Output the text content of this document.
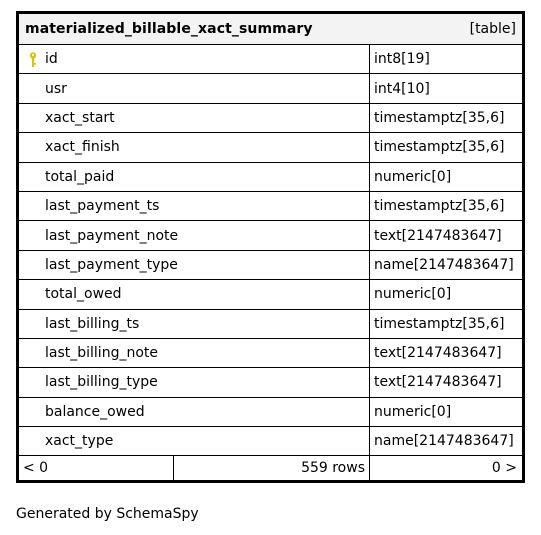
materialized_billable_xact_summary	[table]
id	int8[19]
usr	int4[10]
xact_start	timestamptz[35,6]
xact_finish	timestamptz[35,6]
total_paid	numeric[0]
last_payment_ts	timestamptz[35,6]
last_payment_note	text[2147483647]
last_payment_type	name[2147483647]
total_owed	numeric[0]
last_billing_ts	timestamptz[35,6]
last_billing_note	text[2147483647]
last_billing_type	text[2147483647]
balance_owed	numeric[0]
xact_type	name[2147483647]
< 0	559 rows	0 >
Generated by SchemaSpy
